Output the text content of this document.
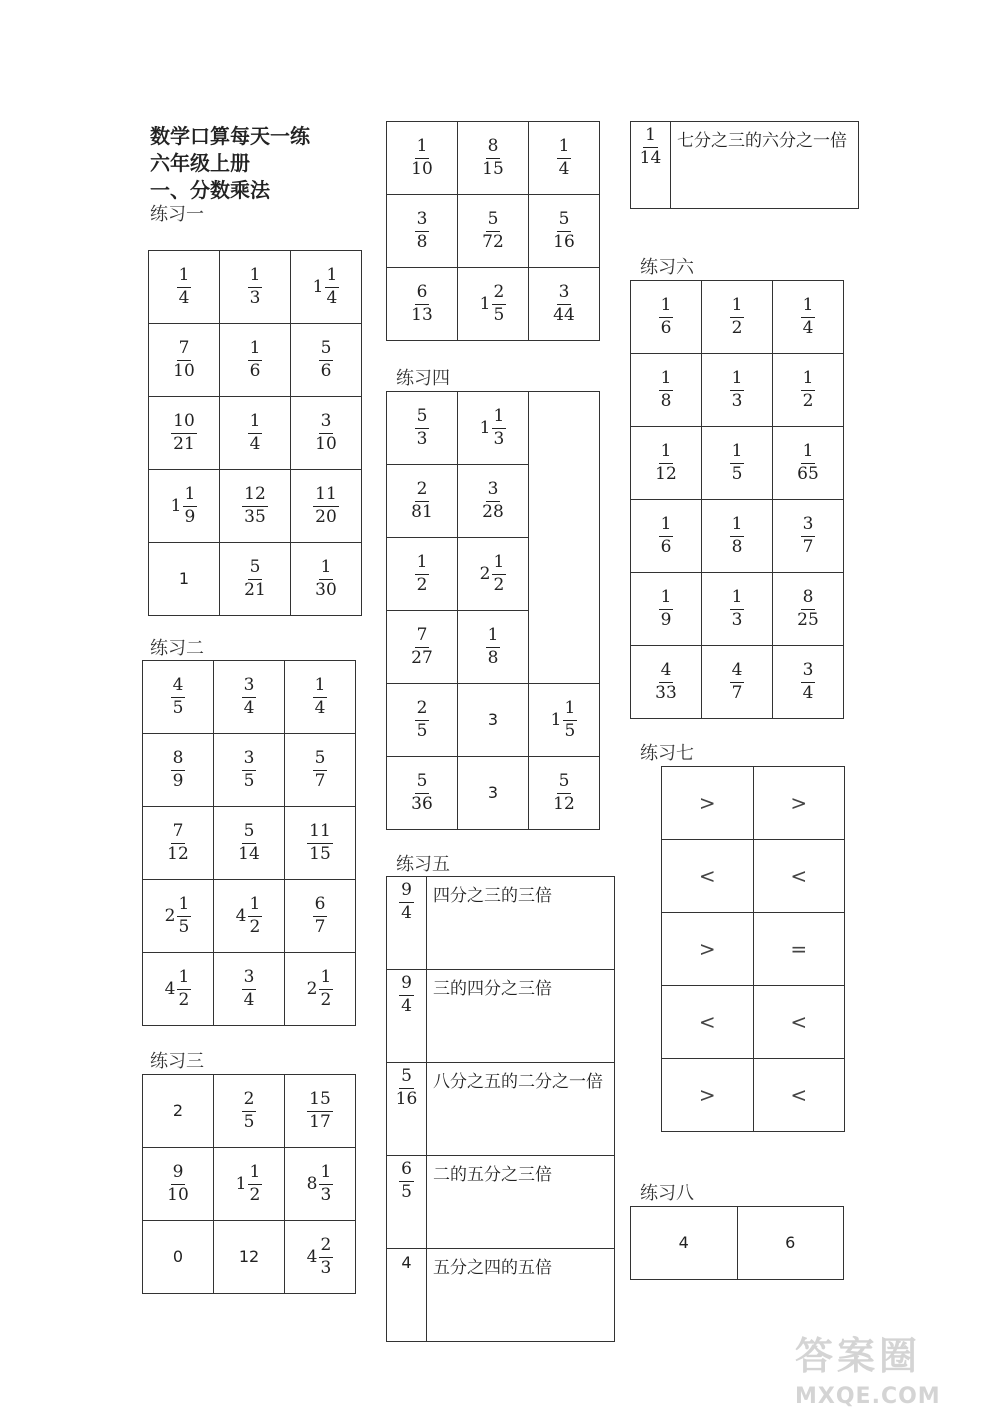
数学口算每天一练
六年级上册
一、分数乘法
练习一
$\frac{1}{4}$	$\frac{1}{3}$	$1 \frac{1}{4}$

$\frac{7}{10}$	$\frac{1}{6}$	$\frac{5}{6}$

$\frac{10}{21}$	$\frac{1}{4}$	$\frac{3}{10}$

$1 \frac{1}{9}$	$\frac{12}{35}$	$\frac{11}{20}$

1	$\frac{5}{21}$	$\frac{1}{30}$
练习二
$\frac{4}{5}$	$\frac{3}{4}$	$\frac{1}{4}$

$\frac{8}{9}$	$\frac{3}{5}$	$\frac{5}{7}$

$\frac{7}{12}$	$\frac{5}{14}$	$\frac{11}{15}$

$2 \frac{1}{5}$	$4 \frac{1}{2}$	$\frac{6}{7}$

$4 \frac{1}{2}$	$\frac{3}{4}$	$2 \frac{1}{2}$
练习三
2	$\frac{2}{5}$	$\frac{15}{17}$

$\frac{9}{10}$	$1 \frac{1}{2}$	$8 \frac{1}{3}$

0	12	$4 \frac{2}{3}$
$\frac{1}{10}$	$\frac{8}{15}$	$\frac{1}{4}$

$\frac{3}{8}$	$\frac{5}{72}$	$\frac{5}{16}$

$\frac{6}{13}$	$1 \frac{2}{5}$	$\frac{3}{44}$
练习四
$\frac{5}{3}$	$1 \frac{1}{3}$

$\frac{2}{81}$	$\frac{3}{28}$

$\frac{1}{2}$	$2 \frac{1}{2}$

$\frac{7}{27}$	$\frac{1}{8}$

$\frac{2}{5}$	3	$1 \frac{1}{5}$

$\frac{5}{36}$	3	$\frac{5}{12}$
练习五
$\frac{9}{4}$	四分之三的三倍

$\frac{9}{4}$	三的四分之三倍

$\frac{5}{16}$	八分之五的二分之一倍

$\frac{6}{5}$	二的五分之三倍
4	五分之四的五倍
$\frac{1}{14}$	七分之三的六分之一倍
练习六
$\frac{1}{6}$	$\frac{1}{2}$	$\frac{1}{4}$

$\frac{1}{8}$	$\frac{1}{3}$	$\frac{1}{2}$

$\frac{1}{12}$	$\frac{1}{5}$	$\frac{1}{65}$

$\frac{1}{6}$	$\frac{1}{8}$	$\frac{3}{7}$

$\frac{1}{9}$	$\frac{1}{3}$	$\frac{8}{25}$

$\frac{4}{33}$	$\frac{4}{7}$	$\frac{3}{4}$
练习七
>	>
<	<
>	=
<	<
>	<
练习八
4	6
答案圈
MXQE.COM
